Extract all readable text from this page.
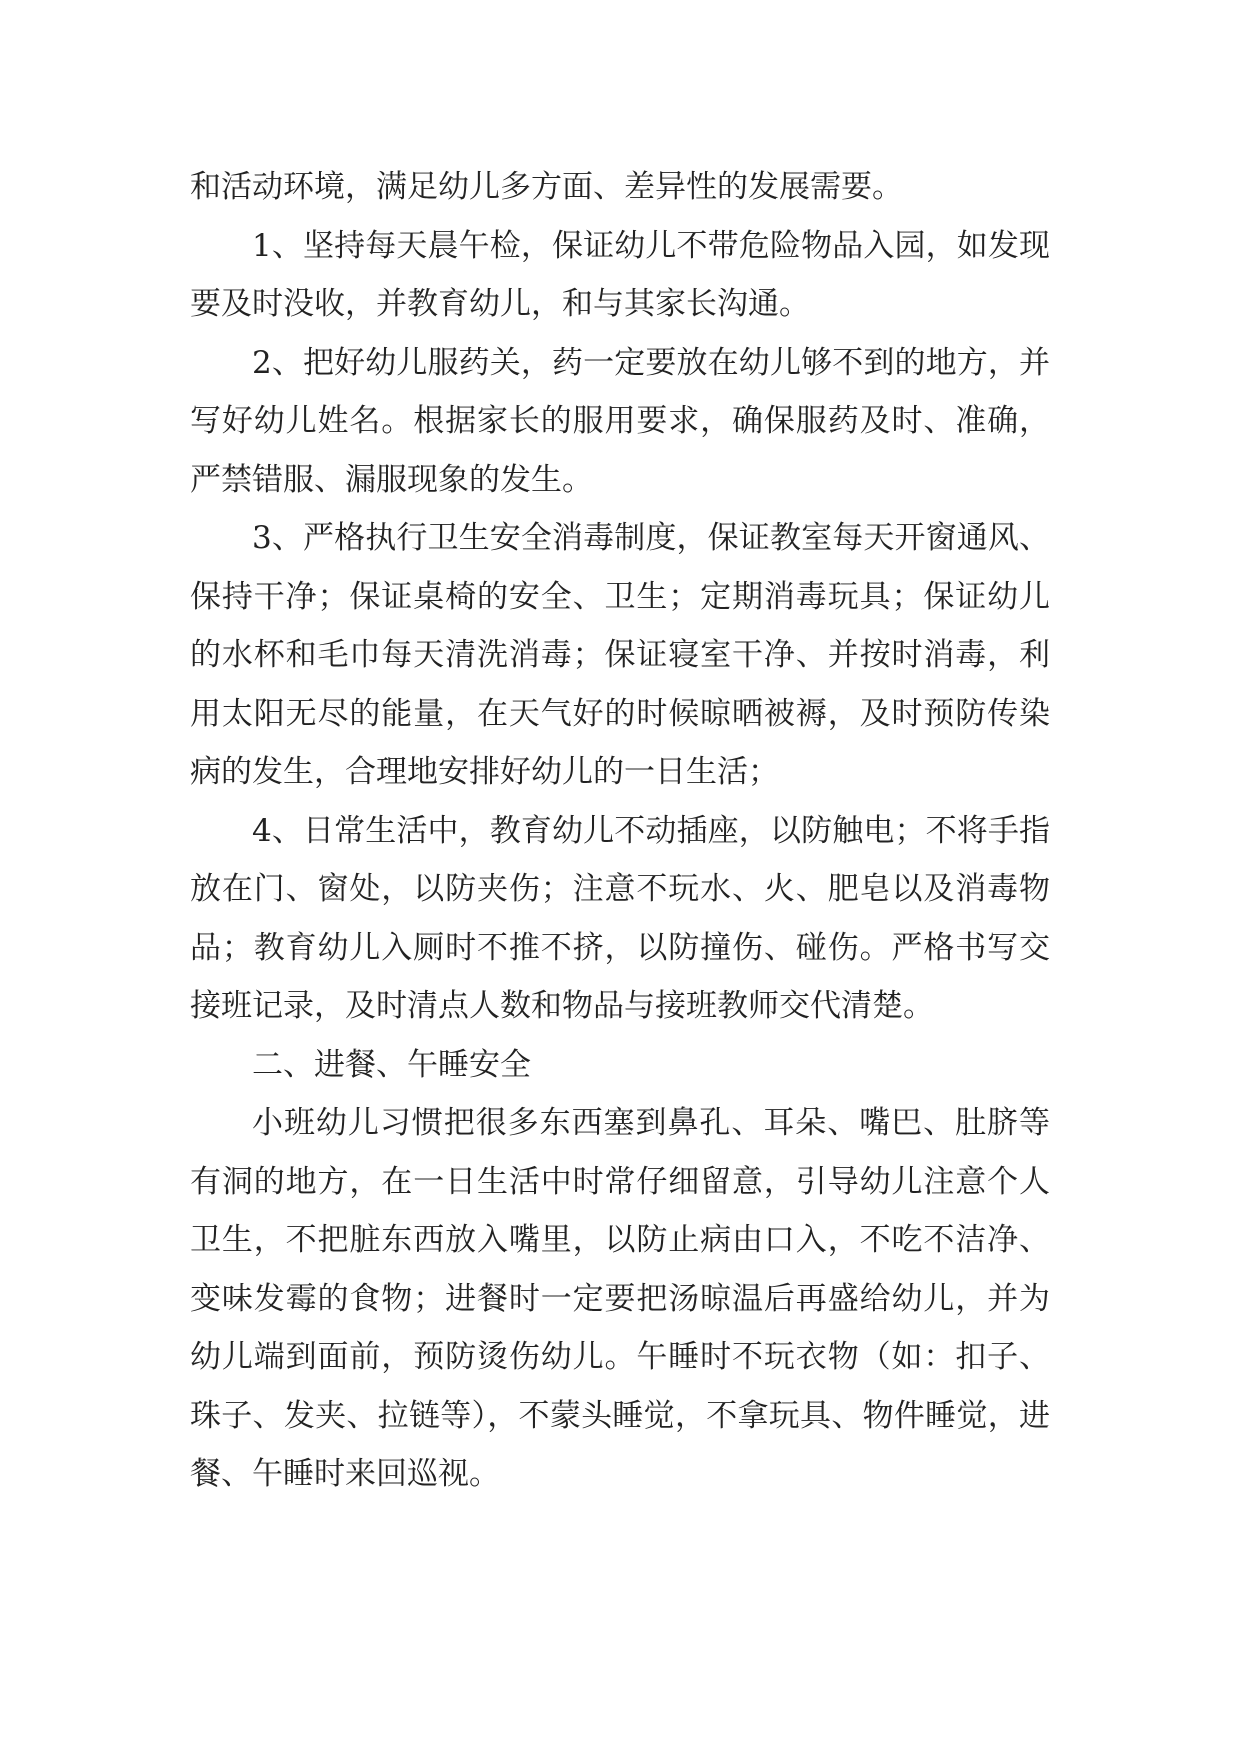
和活动环境，满足幼儿多方面、差异性的发展需要。

1、坚持每天晨午检，保证幼儿不带危险物品入园，如发现要及时没收，并教育幼儿，和与其家长沟通。

2、把好幼儿服药关，药一定要放在幼儿够不到的地方，并写好幼儿姓名。根据家长的服用要求，确保服药及时、准确，严禁错服、漏服现象的发生。

3、严格执行卫生安全消毒制度，保证教室每天开窗通风、保持干净；保证桌椅的安全、卫生；定期消毒玩具；保证幼儿的水杯和毛巾每天清洗消毒；保证寝室干净、并按时消毒，利用太阳无尽的能量，在天气好的时候晾晒被褥，及时预防传染病的发生，合理地安排好幼儿的一日生活；

4、日常生活中，教育幼儿不动插座，以防触电；不将手指放在门、窗处，以防夹伤；注意不玩水、火、肥皂以及消毒物品；教育幼儿入厕时不推不挤，以防撞伤、碰伤。严格书写交接班记录，及时清点人数和物品与接班教师交代清楚。

二、进餐、午睡安全

小班幼儿习惯把很多东西塞到鼻孔、耳朵、嘴巴、肚脐等有洞的地方，在一日生活中时常仔细留意，引导幼儿注意个人卫生，不把脏东西放入嘴里，以防止病由口入，不吃不洁净、变味发霉的食物；进餐时一定要把汤晾温后再盛给幼儿，并为幼儿端到面前，预防烫伤幼儿。午睡时不玩衣物（如：扣子、珠子、发夹、拉链等），不蒙头睡觉，不拿玩具、物件睡觉，进餐、午睡时来回巡视。
